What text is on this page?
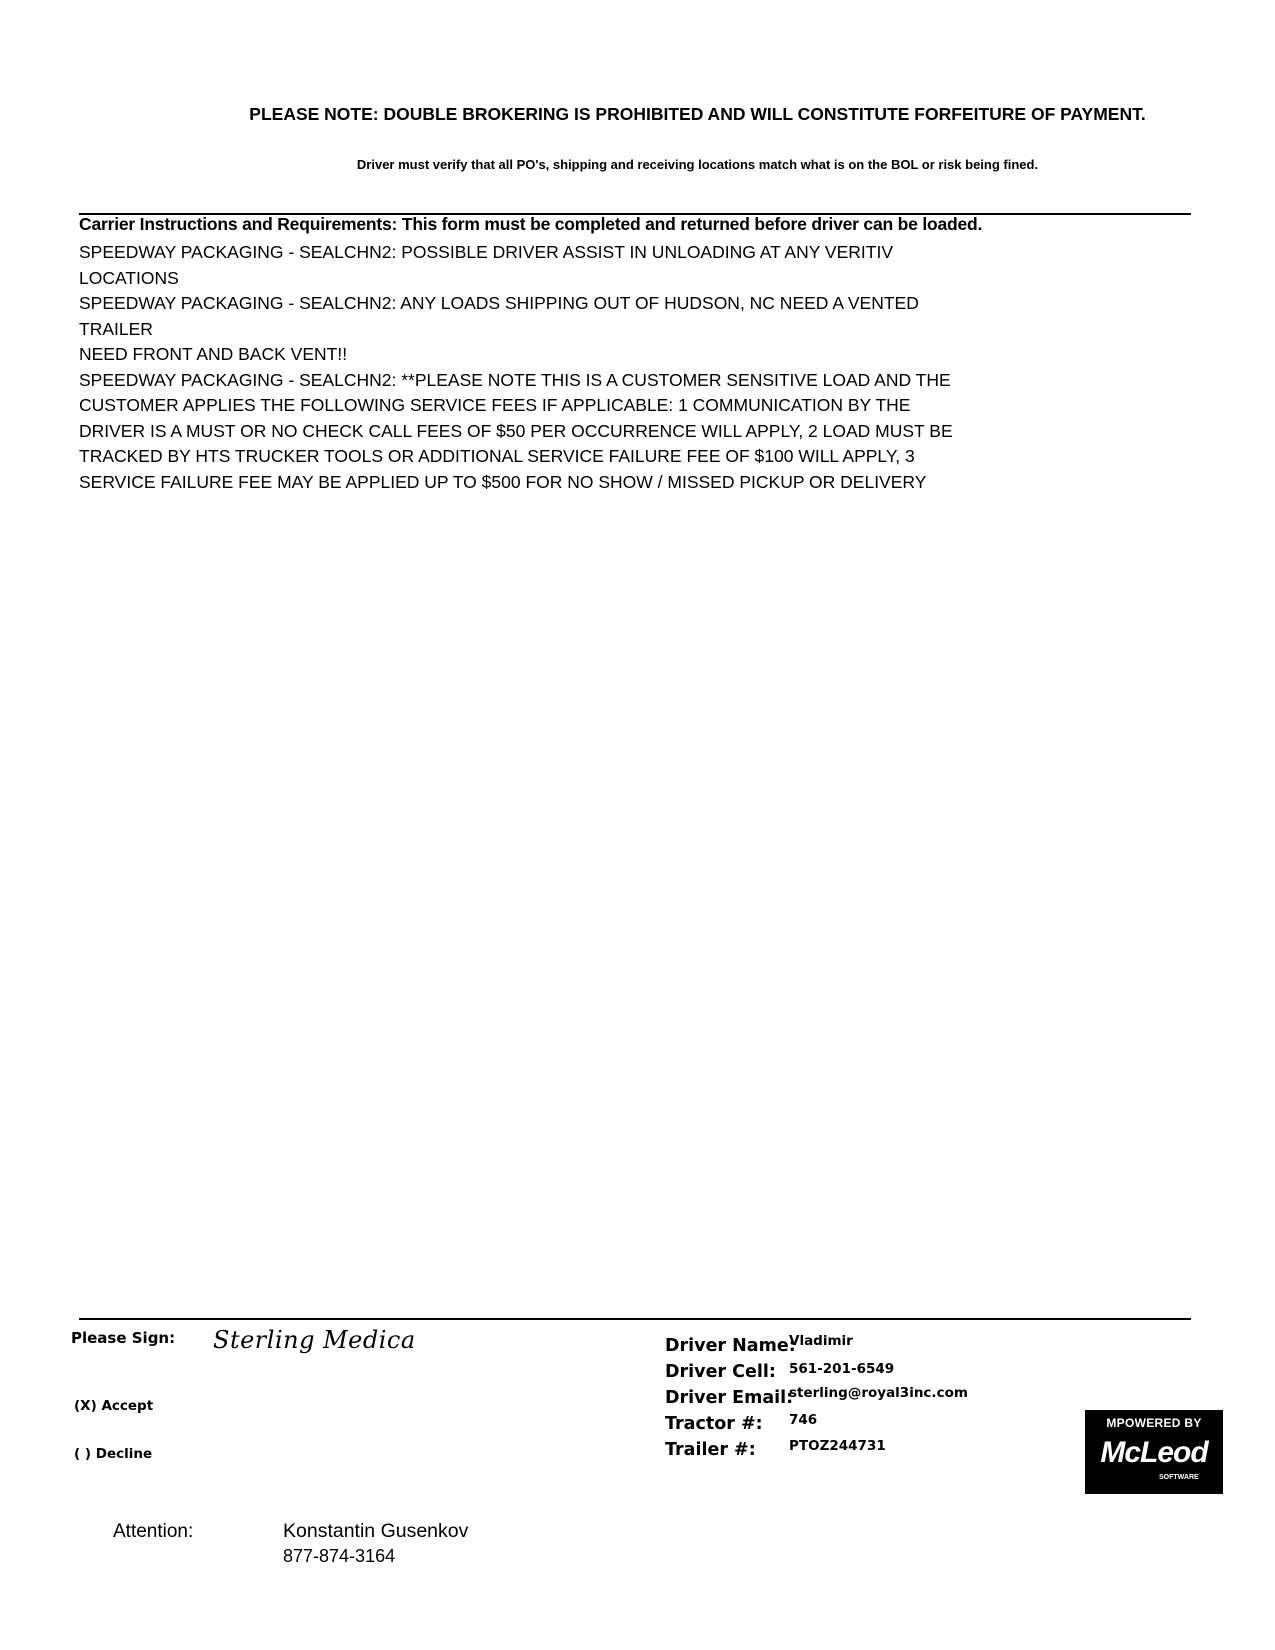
PLEASE NOTE: DOUBLE BROKERING IS PROHIBITED AND WILL CONSTITUTE FORFEITURE OF PAYMENT.
Driver must verify that all PO's, shipping and receiving locations match what is on the BOL or risk being fined.
Carrier Instructions and Requirements: This form must be completed and returned before driver can be loaded.
SPEEDWAY PACKAGING - SEALCHN2: POSSIBLE DRIVER ASSIST IN UNLOADING AT ANY VERITIV
LOCATIONS
SPEEDWAY PACKAGING - SEALCHN2: ANY LOADS SHIPPING OUT OF HUDSON, NC NEED A VENTED
TRAILER
NEED FRONT AND BACK VENT!!
SPEEDWAY PACKAGING - SEALCHN2: **PLEASE NOTE THIS IS A CUSTOMER SENSITIVE LOAD AND THE
CUSTOMER APPLIES THE FOLLOWING SERVICE FEES IF APPLICABLE: 1 COMMUNICATION BY THE
DRIVER IS A MUST OR NO CHECK CALL FEES OF $50 PER OCCURRENCE WILL APPLY, 2 LOAD MUST BE
TRACKED BY HTS TRUCKER TOOLS OR ADDITIONAL SERVICE FAILURE FEE OF $100 WILL APPLY, 3
SERVICE FAILURE FEE MAY BE APPLIED UP TO $500 FOR NO SHOW / MISSED PICKUP OR DELIVERY
Please Sign: Sterling Medica
(X) Accept
( ) Decline
Driver Name:
Vladimir
Driver Cell: 561-201-6549
Driver Email:
sterling@royal3inc.com
Tractor #: 746
Trailer #: PTOZ244731
MPOWERED BY
McLeod
SOFTWARE
Attention:	Konstantin Gusenkov
877-874-3164
